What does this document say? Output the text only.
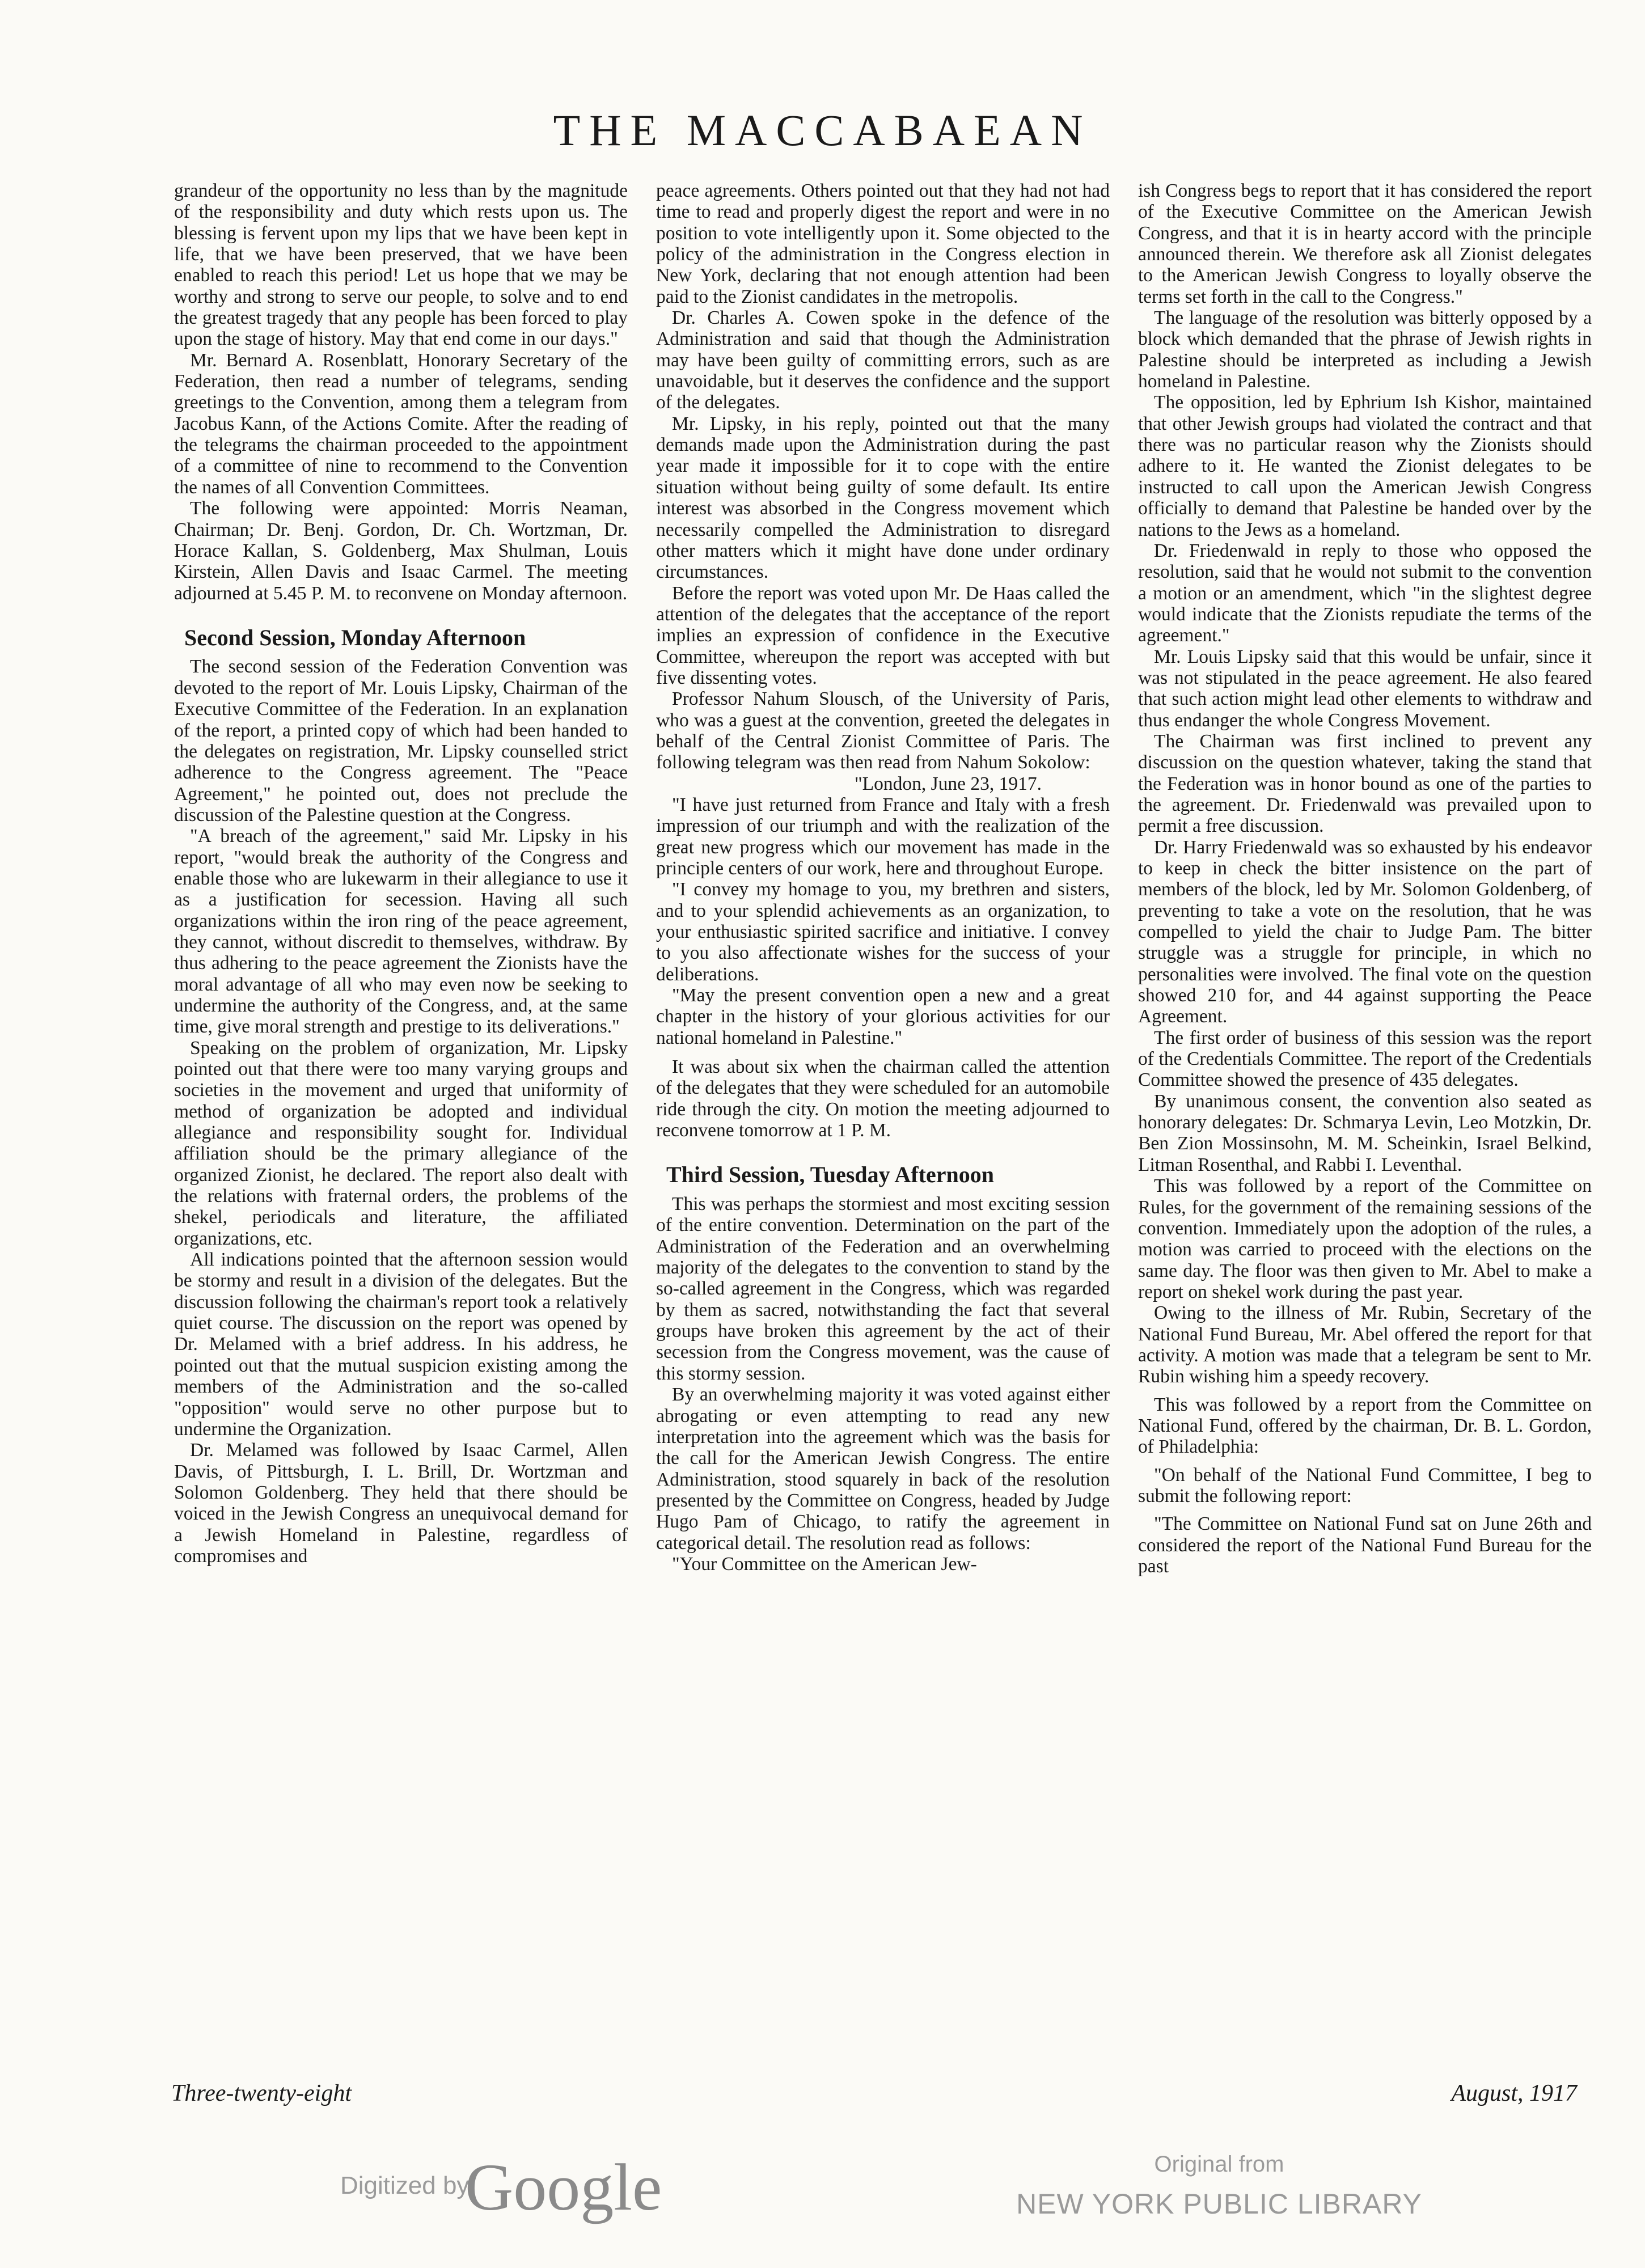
THE MACCABAEAN

grandeur of the opportunity no less than by the magnitude of the responsibility and duty which rests upon us. The blessing is fervent upon my lips that we have been kept in life, that we have been preserved, that we have been enabled to reach this period! Let us hope that we may be worthy and strong to serve our people, to solve and to end the greatest tragedy that any people has been forced to play upon the stage of history. May that end come in our days."

Mr. Bernard A. Rosenblatt, Honorary Secretary of the Federation, then read a number of telegrams, sending greetings to the Convention, among them a telegram from Jacobus Kann, of the Actions Comite. After the reading of the telegrams the chairman proceeded to the appointment of a committee of nine to recommend to the Convention the names of all Convention Committees.

The following were appointed: Morris Neaman, Chairman; Dr. Benj. Gordon, Dr. Ch. Wortzman, Dr. Horace Kallan, S. Goldenberg, Max Shulman, Louis Kirstein, Allen Davis and Isaac Carmel. The meeting adjourned at 5.45 P. M. to reconvene on Monday afternoon.

Second Session, Monday Afternoon

The second session of the Federation Convention was devoted to the report of Mr. Louis Lipsky, Chairman of the Executive Committee of the Federation. In an explanation of the report, a printed copy of which had been handed to the delegates on registration, Mr. Lipsky counselled strict adherence to the Congress agreement. The "Peace Agreement," he pointed out, does not preclude the discussion of the Palestine question at the Congress.

"A breach of the agreement," said Mr. Lipsky in his report, "would break the authority of the Congress and enable those who are lukewarm in their allegiance to use it as a justification for secession. Having all such organizations within the iron ring of the peace agreement, they cannot, without discredit to themselves, withdraw. By thus adhering to the peace agreement the Zionists have the moral advantage of all who may even now be seeking to undermine the authority of the Congress, and, at the same time, give moral strength and prestige to its deliverations."

Speaking on the problem of organization, Mr. Lipsky pointed out that there were too many varying groups and societies in the movement and urged that uniformity of method of organization be adopted and individual allegiance and responsibility sought for. Individual affiliation should be the primary allegiance of the organized Zionist, he declared. The report also dealt with the relations with fraternal orders, the problems of the shekel, periodicals and literature, the affiliated organizations, etc.

All indications pointed that the afternoon session would be stormy and result in a division of the delegates. But the discussion following the chairman's report took a relatively quiet course. The discussion on the report was opened by Dr. Melamed with a brief address. In his address, he pointed out that the mutual suspicion existing among the members of the Administration and the so-called "opposition" would serve no other purpose but to undermine the Organization.

Dr. Melamed was followed by Isaac Carmel, Allen Davis, of Pittsburgh, I. L. Brill, Dr. Wortzman and Solomon Goldenberg. They held that there should be voiced in the Jewish Congress an unequivocal demand for a Jewish Homeland in Palestine, regardless of compromises and

peace agreements. Others pointed out that they had not had time to read and properly digest the report and were in no position to vote intelligently upon it. Some objected to the policy of the administration in the Congress election in New York, declaring that not enough attention had been paid to the Zionist candidates in the metropolis.

Dr. Charles A. Cowen spoke in the defence of the Administration and said that though the Administration may have been guilty of committing errors, such as are unavoidable, but it deserves the confidence and the support of the delegates.

Mr. Lipsky, in his reply, pointed out that the many demands made upon the Administration during the past year made it impossible for it to cope with the entire situation without being guilty of some default. Its entire interest was absorbed in the Congress movement which necessarily compelled the Administration to disregard other matters which it might have done under ordinary circumstances.

Before the report was voted upon Mr. De Haas called the attention of the delegates that the acceptance of the report implies an expression of confidence in the Executive Committee, whereupon the report was accepted with but five dissenting votes.

Professor Nahum Slousch, of the University of Paris, who was a guest at the convention, greeted the delegates in behalf of the Central Zionist Committee of Paris. The following telegram was then read from Nahum Sokolow:

"London, June 23, 1917.

"I have just returned from France and Italy with a fresh impression of our triumph and with the realization of the great new progress which our movement has made in the principle centers of our work, here and throughout Europe.

"I convey my homage to you, my brethren and sisters, and to your splendid achievements as an organization, to your enthusiastic spirited sacrifice and initiative. I convey to you also affectionate wishes for the success of your deliberations.

"May the present convention open a new and a great chapter in the history of your glorious activities for our national homeland in Palestine."

It was about six when the chairman called the attention of the delegates that they were scheduled for an automobile ride through the city. On motion the meeting adjourned to reconvene tomorrow at 1 P. M.

Third Session, Tuesday Afternoon

This was perhaps the stormiest and most exciting session of the entire convention. Determination on the part of the Administration of the Federation and an overwhelming majority of the delegates to the convention to stand by the so-called agreement in the Congress, which was regarded by them as sacred, notwithstanding the fact that several groups have broken this agreement by the act of their secession from the Congress movement, was the cause of this stormy session.

By an overwhelming majority it was voted against either abrogating or even attempting to read any new interpretation into the agreement which was the basis for the call for the American Jewish Congress. The entire Administration, stood squarely in back of the resolution presented by the Committee on Congress, headed by Judge Hugo Pam of Chicago, to ratify the agreement in categorical detail. The resolution read as follows:

"Your Committee on the American Jew-

ish Congress begs to report that it has considered the report of the Executive Committee on the American Jewish Congress, and that it is in hearty accord with the principle announced therein. We therefore ask all Zionist delegates to the American Jewish Congress to loyally observe the terms set forth in the call to the Congress."

The language of the resolution was bitterly opposed by a block which demanded that the phrase of Jewish rights in Palestine should be interpreted as including a Jewish homeland in Palestine.

The opposition, led by Ephrium Ish Kishor, maintained that other Jewish groups had violated the contract and that there was no particular reason why the Zionists should adhere to it. He wanted the Zionist delegates to be instructed to call upon the American Jewish Congress officially to demand that Palestine be handed over by the nations to the Jews as a homeland.

Dr. Friedenwald in reply to those who opposed the resolution, said that he would not submit to the convention a motion or an amendment, which "in the slightest degree would indicate that the Zionists repudiate the terms of the agreement."

Mr. Louis Lipsky said that this would be unfair, since it was not stipulated in the peace agreement. He also feared that such action might lead other elements to withdraw and thus endanger the whole Congress Movement.

The Chairman was first inclined to prevent any discussion on the question whatever, taking the stand that the Federation was in honor bound as one of the parties to the agreement. Dr. Friedenwald was prevailed upon to permit a free discussion.

Dr. Harry Friedenwald was so exhausted by his endeavor to keep in check the bitter insistence on the part of members of the block, led by Mr. Solomon Goldenberg, of preventing to take a vote on the resolution, that he was compelled to yield the chair to Judge Pam. The bitter struggle was a struggle for principle, in which no personalities were involved. The final vote on the question showed 210 for, and 44 against supporting the Peace Agreement.

The first order of business of this session was the report of the Credentials Committee. The report of the Credentials Committee showed the presence of 435 delegates.

By unanimous consent, the convention also seated as honorary delegates: Dr. Schmarya Levin, Leo Motzkin, Dr. Ben Zion Mossinsohn, M. M. Scheinkin, Israel Belkind, Litman Rosenthal, and Rabbi I. Leventhal.

This was followed by a report of the Committee on Rules, for the government of the remaining sessions of the convention. Immediately upon the adoption of the rules, a motion was carried to proceed with the elections on the same day. The floor was then given to Mr. Abel to make a report on shekel work during the past year.

Owing to the illness of Mr. Rubin, Secretary of the National Fund Bureau, Mr. Abel offered the report for that activity. A motion was made that a telegram be sent to Mr. Rubin wishing him a speedy recovery.

This was followed by a report from the Committee on National Fund, offered by the chairman, Dr. B. L. Gordon, of Philadelphia:

"On behalf of the National Fund Committee, I beg to submit the following report:

"The Committee on National Fund sat on June 26th and considered the report of the National Fund Bureau for the past

Three-twenty-eight	August, 1917
Digitized by
Google	Original from
NEW YORK PUBLIC LIBRARY
